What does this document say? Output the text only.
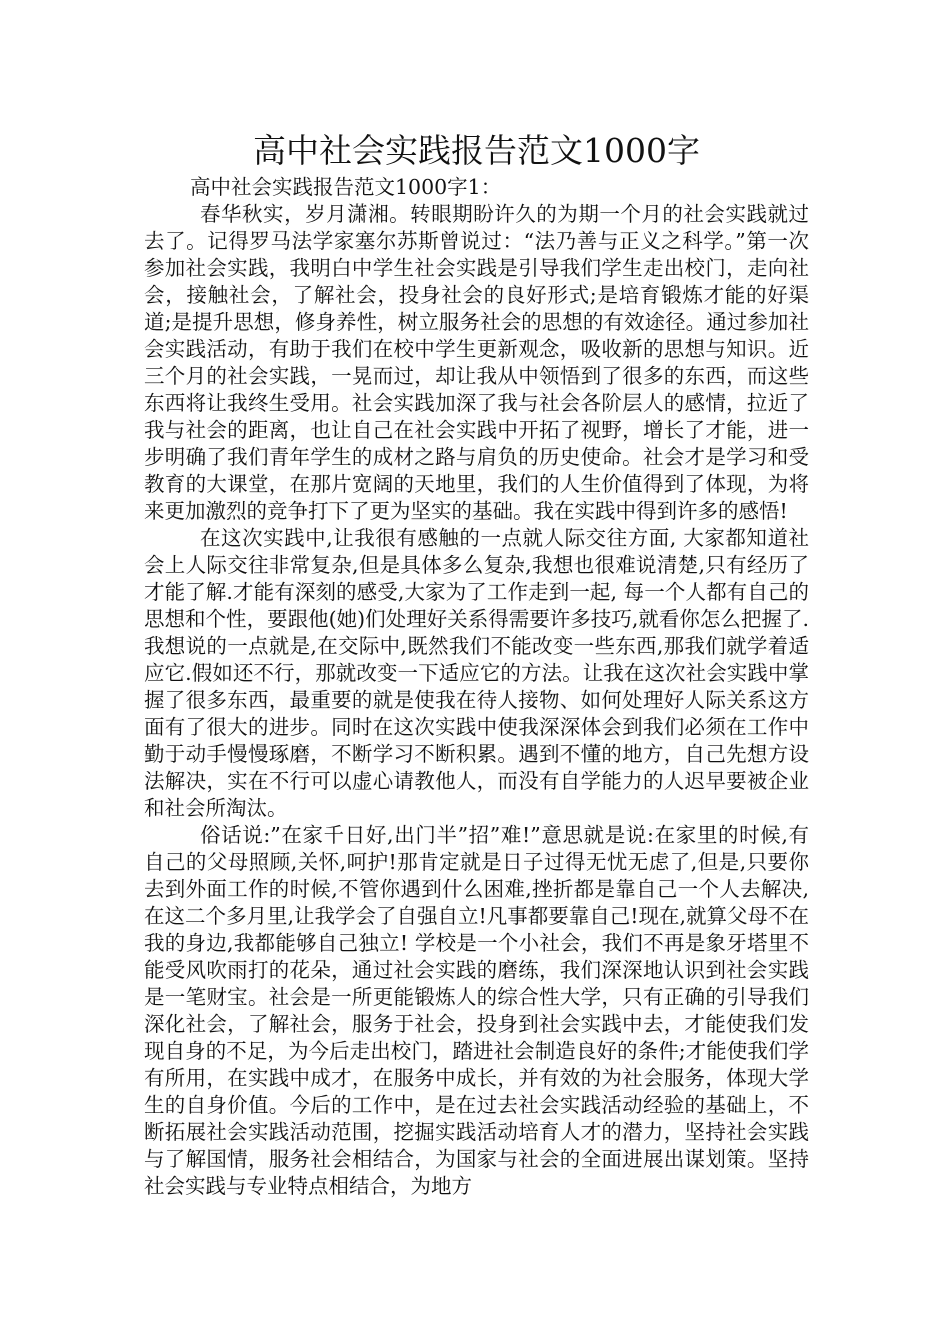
高中社会实践报告范文1000字

高中社会实践报告范文1000字1：

春华秋实，岁月潇湘。转眼期盼许久的为期一个月的社会实践就过去了。记得罗马法学家塞尔苏斯曾说过：“法乃善与正义之科学。”第一次参加社会实践，我明白中学生社会实践是引导我们学生走出校门，走向社会，接触社会，了解社会，投身社会的良好形式;是培育锻炼才能的好渠道;是提升思想，修身养性，树立服务社会的思想的有效途径。通过参加社会实践活动，有助于我们在校中学生更新观念，吸收新的思想与知识。近三个月的社会实践，一晃而过，却让我从中领悟到了很多的东西，而这些东西将让我终生受用。社会实践加深了我与社会各阶层人的感情，拉近了我与社会的距离，也让自己在社会实践中开拓了视野，增长了才能，进一步明确了我们青年学生的成材之路与肩负的历史使命。社会才是学习和受教育的大课堂，在那片宽阔的天地里，我们的人生价值得到了体现，为将来更加激烈的竞争打下了更为坚实的基础。我在实践中得到许多的感悟!

在这次实践中,让我很有感触的一点就人际交往方面, 大家都知道社会上人际交往非常复杂,但是具体多么复杂,我想也很难说清楚,只有经历了才能了解.才能有深刻的感受,大家为了工作走到一起, 每一个人都有自己的思想和个性，要跟他(她)们处理好关系得需要许多技巧,就看你怎么把握了.我想说的一点就是,在交际中,既然我们不能改变一些东西,那我们就学着适应它.假如还不行，那就改变一下适应它的方法。让我在这次社会实践中掌握了很多东西，最重要的就是使我在待人接物、如何处理好人际关系这方面有了很大的进步。同时在这次实践中使我深深体会到我们必须在工作中勤于动手慢慢琢磨，不断学习不断积累。遇到不懂的地方，自己先想方设法解决，实在不行可以虚心请教他人，而没有自学能力的人迟早要被企业和社会所淘汰。

俗话说:”在家千日好,出门半”招”难!”意思就是说:在家里的时候,有自己的父母照顾,关怀,呵护!那肯定就是日子过得无忧无虑了,但是,只要你去到外面工作的时候,不管你遇到什么困难,挫折都是靠自己一个人去解决,在这二个多月里,让我学会了自强自立!凡事都要靠自己!现在,就算父母不在我的身边,我都能够自己独立! 学校是一个小社会，我们不再是象牙塔里不能受风吹雨打的花朵，通过社会实践的磨练，我们深深地认识到社会实践是一笔财宝。社会是一所更能锻炼人的综合性大学，只有正确的引导我们深化社会，了解社会，服务于社会，投身到社会实践中去，才能使我们发现自身的不足，为今后走出校门，踏进社会制造良好的条件;才能使我们学有所用，在实践中成才，在服务中成长，并有效的为社会服务，体现大学生的自身价值。今后的工作中，是在过去社会实践活动经验的基础上，不断拓展社会实践活动范围，挖掘实践活动培育人才的潜力，坚持社会实践与了解国情，服务社会相结合，为国家与社会的全面进展出谋划策。坚持社会实践与专业特点相结合，为地方
